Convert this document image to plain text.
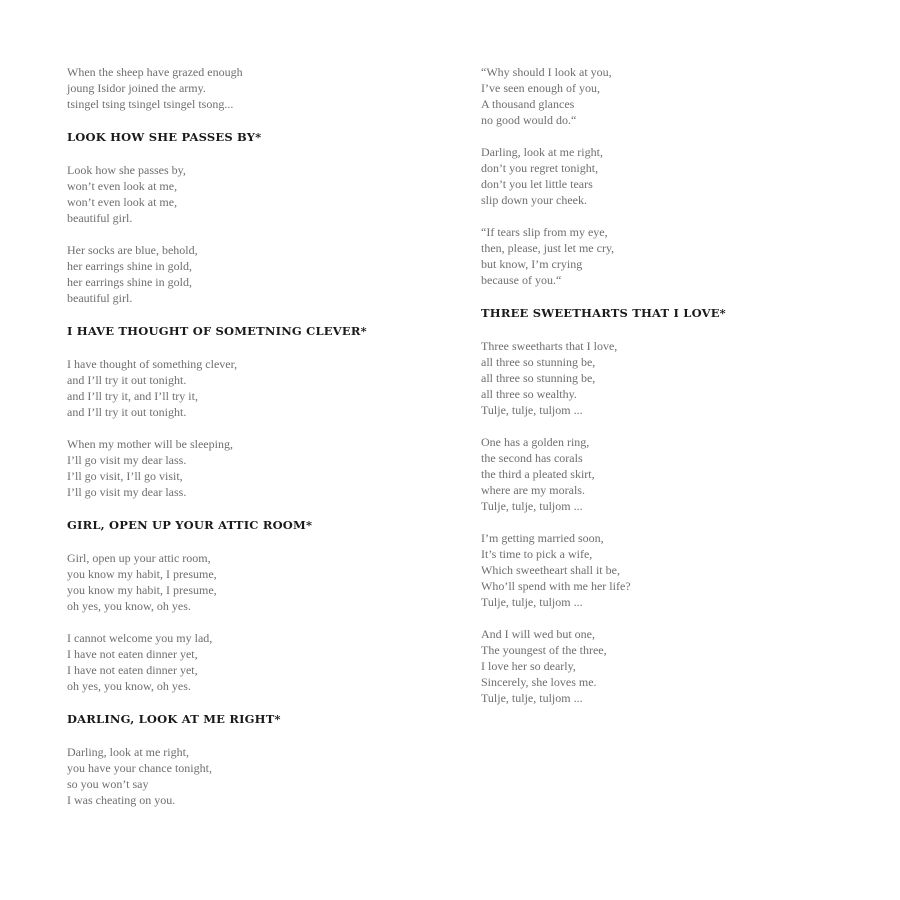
When the sheep have grazed enough
joung Isidor joined the army.
tsingel tsing tsingel tsingel tsong...
LOOK HOW SHE PASSES BY*
Look how she passes by,
won’t even look at me,
won’t even look at me,
beautiful girl.
Her socks are blue, behold,
her earrings shine in gold,
her earrings shine in gold,
beautiful girl.
I HAVE THOUGHT OF SOMETNING CLEVER*
I have thought of something clever,
and I’ll try it out tonight.
and I’ll try it, and I’ll try it,
and I’ll try it out tonight.
When my mother will be sleeping,
I’ll go visit my dear lass.
I’ll go visit, I’ll go visit,
I’ll go visit my dear lass.
GIRL, OPEN UP YOUR ATTIC ROOM*
Girl, open up your attic room,
you know my habit, I presume,
you know my habit, I presume,
oh yes, you know, oh yes.
I cannot welcome you my lad,
I have not eaten dinner yet,
I have not eaten dinner yet,
oh yes, you know, oh yes.
DARLING, LOOK AT ME RIGHT*
Darling, look at me right,
you have your chance tonight,
so you won’t say
I was cheating on you.
“Why should I look at you,
I’ve seen enough of you,
A thousand glances
no good would do.“
Darling, look at me right,
don’t you regret tonight,
don’t you let little tears
slip down your cheek.
“If tears slip from my eye,
then, please, just let me cry,
but know, I’m crying
because of you.“
THREE SWEETHARTS THAT I LOVE*
Three sweetharts that I love,
all three so stunning be,
all three so stunning be,
all three so wealthy.
Tulje, tulje, tuljom ...
One has a golden ring,
the second has corals
the third a pleated skirt,
where are my morals.
Tulje, tulje, tuljom ...
I’m getting married soon,
It’s time to pick a wife,
Which sweetheart shall it be,
Who’ll spend with me her life?
Tulje, tulje, tuljom ...
And I will wed but one,
The youngest of the three,
I love her so dearly,
Sincerely, she loves me.
Tulje, tulje, tuljom ...
